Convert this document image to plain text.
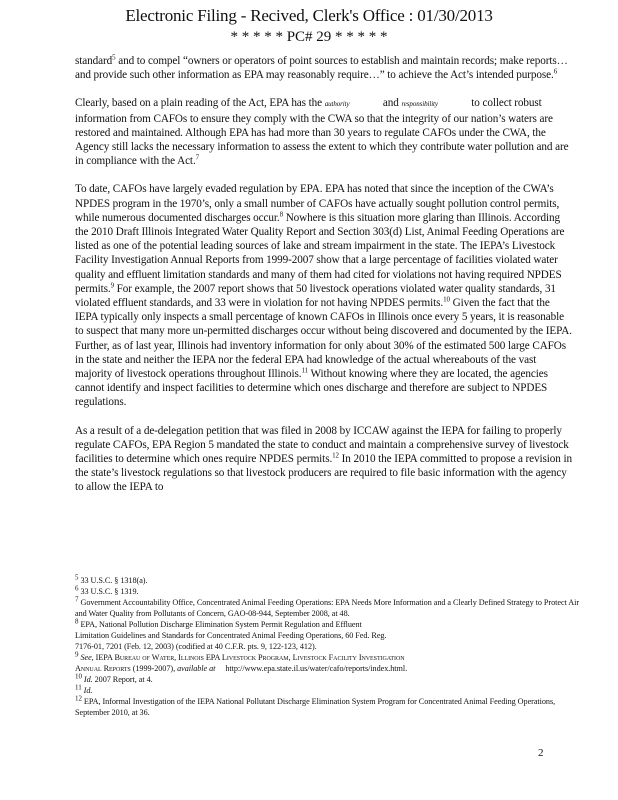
Electronic Filing - Recived, Clerk's Office : 01/30/2013
* * * * * PC# 29 * * * * *

standard$^5$ and to compel “owners or operators of point sources to establish and maintain records; make reports…and provide such other information as EPA may reasonably require…” to achieve the Act’s intended purpose.$^6$

Clearly, based on a plain reading of the Act, EPA has the authority	and responsibility	to collect robust information from CAFOs to ensure they comply with the CWA so that the integrity of our nation’s waters are restored and maintained. Although EPA has had more than 30 years to regulate CAFOs under the CWA, the Agency still lacks the necessary information to assess the extent to which they contribute water pollution and are in compliance with the Act.$^7$

To date, CAFOs have largely evaded regulation by EPA. EPA has noted that since the inception of the CWA’s NPDES program in the 1970’s, only a small number of CAFOs have actually sought pollution control permits, while numerous documented discharges occur.$^8$ Nowhere is this situation more glaring than Illinois. According the 2010 Draft Illinois Integrated Water Quality Report and Section 303(d) List, Animal Feeding Operations are listed as one of the potential leading sources of lake and stream impairment in the state. The IEPA’s Livestock Facility Investigation Annual Reports from 1999-2007 show that a large percentage of facilities violated water quality and effluent limitation standards and many of them had cited for violations not having required NPDES permits.$^9$ For example, the 2007 report shows that 50 livestock operations violated water quality standards, 31 violated effluent standards, and 33 were in violation for not having NPDES permits.$^{10}$ Given the fact that the IEPA typically only inspects a small percentage of known CAFOs in Illinois once every 5 years, it is reasonable to suspect that many more un-permitted discharges occur without being discovered and documented by the IEPA. Further, as of last year, Illinois had inventory information for only about 30% of the estimated 500 large CAFOs in the state and neither the IEPA nor the federal EPA had knowledge of the actual whereabouts of the vast majority of livestock operations throughout Illinois.$^{11}$ Without knowing where they are located, the agencies cannot identify and inspect facilities to determine which ones discharge and therefore are subject to NPDES regulations.

As a result of a de-delegation petition that was filed in 2008 by ICCAW against the IEPA for failing to properly regulate CAFOs, EPA Region 5 mandated the state to conduct and maintain a comprehensive survey of livestock facilities to determine which ones require NPDES permits.$^{12}$ In 2010 the IEPA committed to propose a revision in the state’s livestock regulations so that livestock producers are required to file basic information with the agency to allow the IEPA to

$^5$ 33 U.S.C. § 1318(a).
$^6$ 33 U.S.C. § 1319.
$^7$ Government Accountability Office, Concentrated Animal Feeding Operations: EPA Needs More Information and a Clearly Defined Strategy to Protect Air and Water Quality from Pollutants of Concern, GAO-08-944, September 2008, at 48.
$^8$ EPA, National Pollution Discharge Elimination System Permit Regulation and Effluent
Limitation Guidelines and Standards for Concentrated Animal Feeding Operations, 60 Fed. Reg.
7176-01, 7201 (Feb. 12, 2003) (codified at 40 C.F.R. pts. 9, 122-123, 412).
$^9$ See, IEPA Bureau of Water, Illinois EPA Livestock Program, Livestock Facility Investigation
Annual Reports (1999-2007), available at http://www.epa.state.il.us/water/cafo/reports/index.html.
$^{10}$ Id. 2007 Report, at 4.
$^{11}$ Id.
$^{12}$ EPA, Informal Investigation of the IEPA National Pollutant Discharge Elimination System Program for Concentrated Animal Feeding Operations, September 2010, at 36.
2
